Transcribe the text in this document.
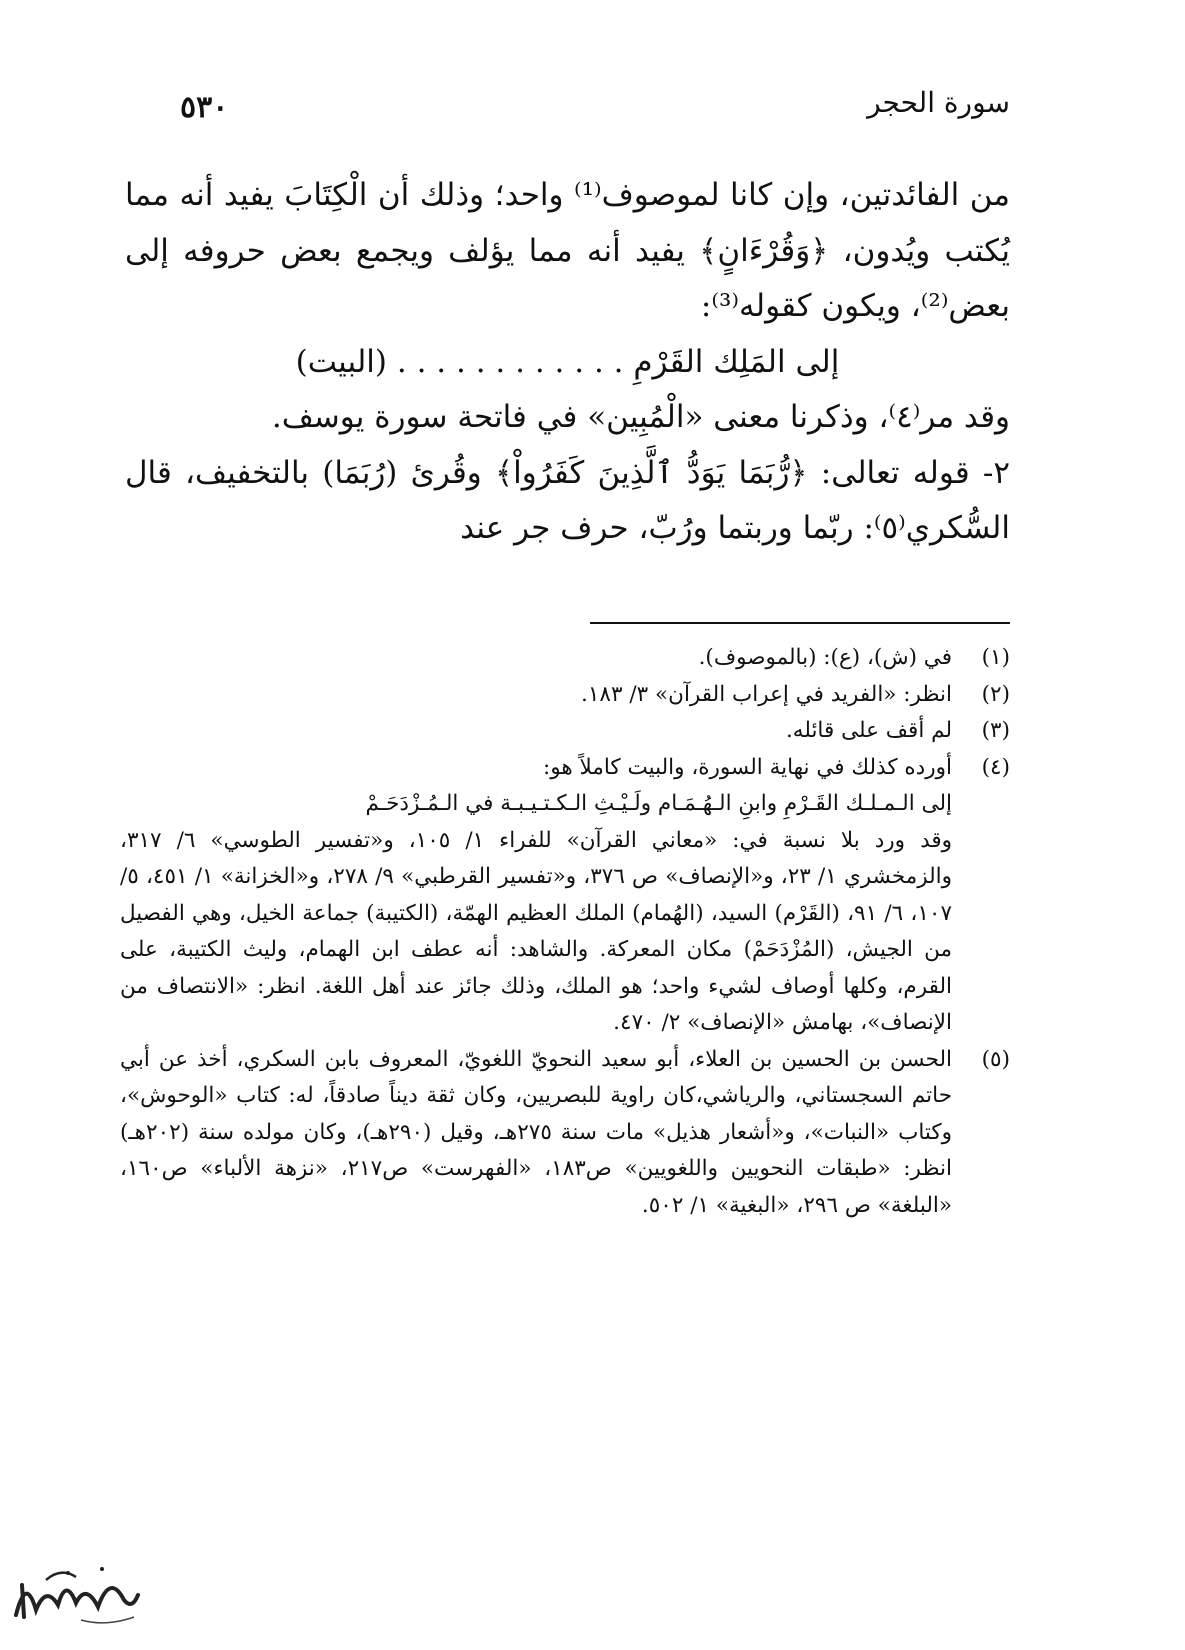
سورة الحجر
٥٣٠

من الفائدتين، وإن كانا لموصوف⁽¹⁾ واحد؛ وذلك أن الْكِتَابَ يفيد أنه مما يُكتب ويُدون، ﴿وَقُرْءَانٍ﴾ يفيد أنه مما يؤلف ويجمع بعض حروفه إلى بعض⁽²⁾، ويكون كقوله⁽³⁾:

إلى المَلِك القَرْمِ . . . . . . . . . . . . (البيت)

وقد مر⁽٤⁾، وذكرنا معنى «الْمُبِين» في فاتحة سورة يوسف.

٢- قوله تعالى: ﴿رُّبَمَا يَوَدُّ ٱلَّذِينَ كَفَرُواْ﴾ وقُرئ (رُبَمَا) بالتخفيف، قال السُّكري⁽٥⁾: ربّما وربتما ورُبّ، حرف جر عند

(١)
في (ش)، (ع): (بالموصوف).
(٢)
انظر: «الفريد في إعراب القرآن» ٣/ ١٨٣.
(٣)
لم أقف على قائله.
(٤)
أورده كذلك في نهاية السورة، والبيت كاملاً هو:
إلى الـمـلـك القَـرْمِ وابنِ الـهُـمَـام ولَـيْـثِ الـكـتـيـبـة في الـمُـزْدَحَـمْ
وقد ورد بلا نسبة في: «معاني القرآن» للفراء ١/ ١٠٥، و«تفسير الطوسي» ٦/ ٣١٧، والزمخشري ١/ ٢٣، و«الإنصاف» ص ٣٧٦، و«تفسير القرطبي» ٩/ ٢٧٨، و«الخزانة» ١/ ٤٥١، ٥/ ١٠٧، ٦/ ٩١، (القَرْم) السيد، (الهُمام) الملك العظيم الهمّة، (الكتيبة) جماعة الخيل، وهي الفصيل من الجيش، (المُزْدَحَمْ) مكان المعركة. والشاهد: أنه عطف ابن الهمام، وليث الكتيبة، على القرم، وكلها أوصاف لشيء واحد؛ هو الملك، وذلك جائز عند أهل اللغة. انظر: «الانتصاف من الإنصاف»، بهامش «الإنصاف» ٢/ ٤٧٠.
(٥)
الحسن بن الحسين بن العلاء، أبو سعيد النحويّ اللغويّ، المعروف بابن السكري، أخذ عن أبي حاتم السجستاني، والرياشي،كان راوية للبصريين، وكان ثقة ديناً صادقاً، له: كتاب «الوحوش»، وكتاب «النبات»، و«أشعار هذيل» مات سنة ٢٧٥هـ، وقيل (٢٩٠هـ)، وكان مولده سنة (٢٠٢هـ) انظر: «طبقات النحويين واللغويين» ص١٨٣، «الفهرست» ص٢١٧، «نزهة الألباء» ص١٦٠، «البلغة» ص ٢٩٦، «البغية» ١/ ٥٠٢.
